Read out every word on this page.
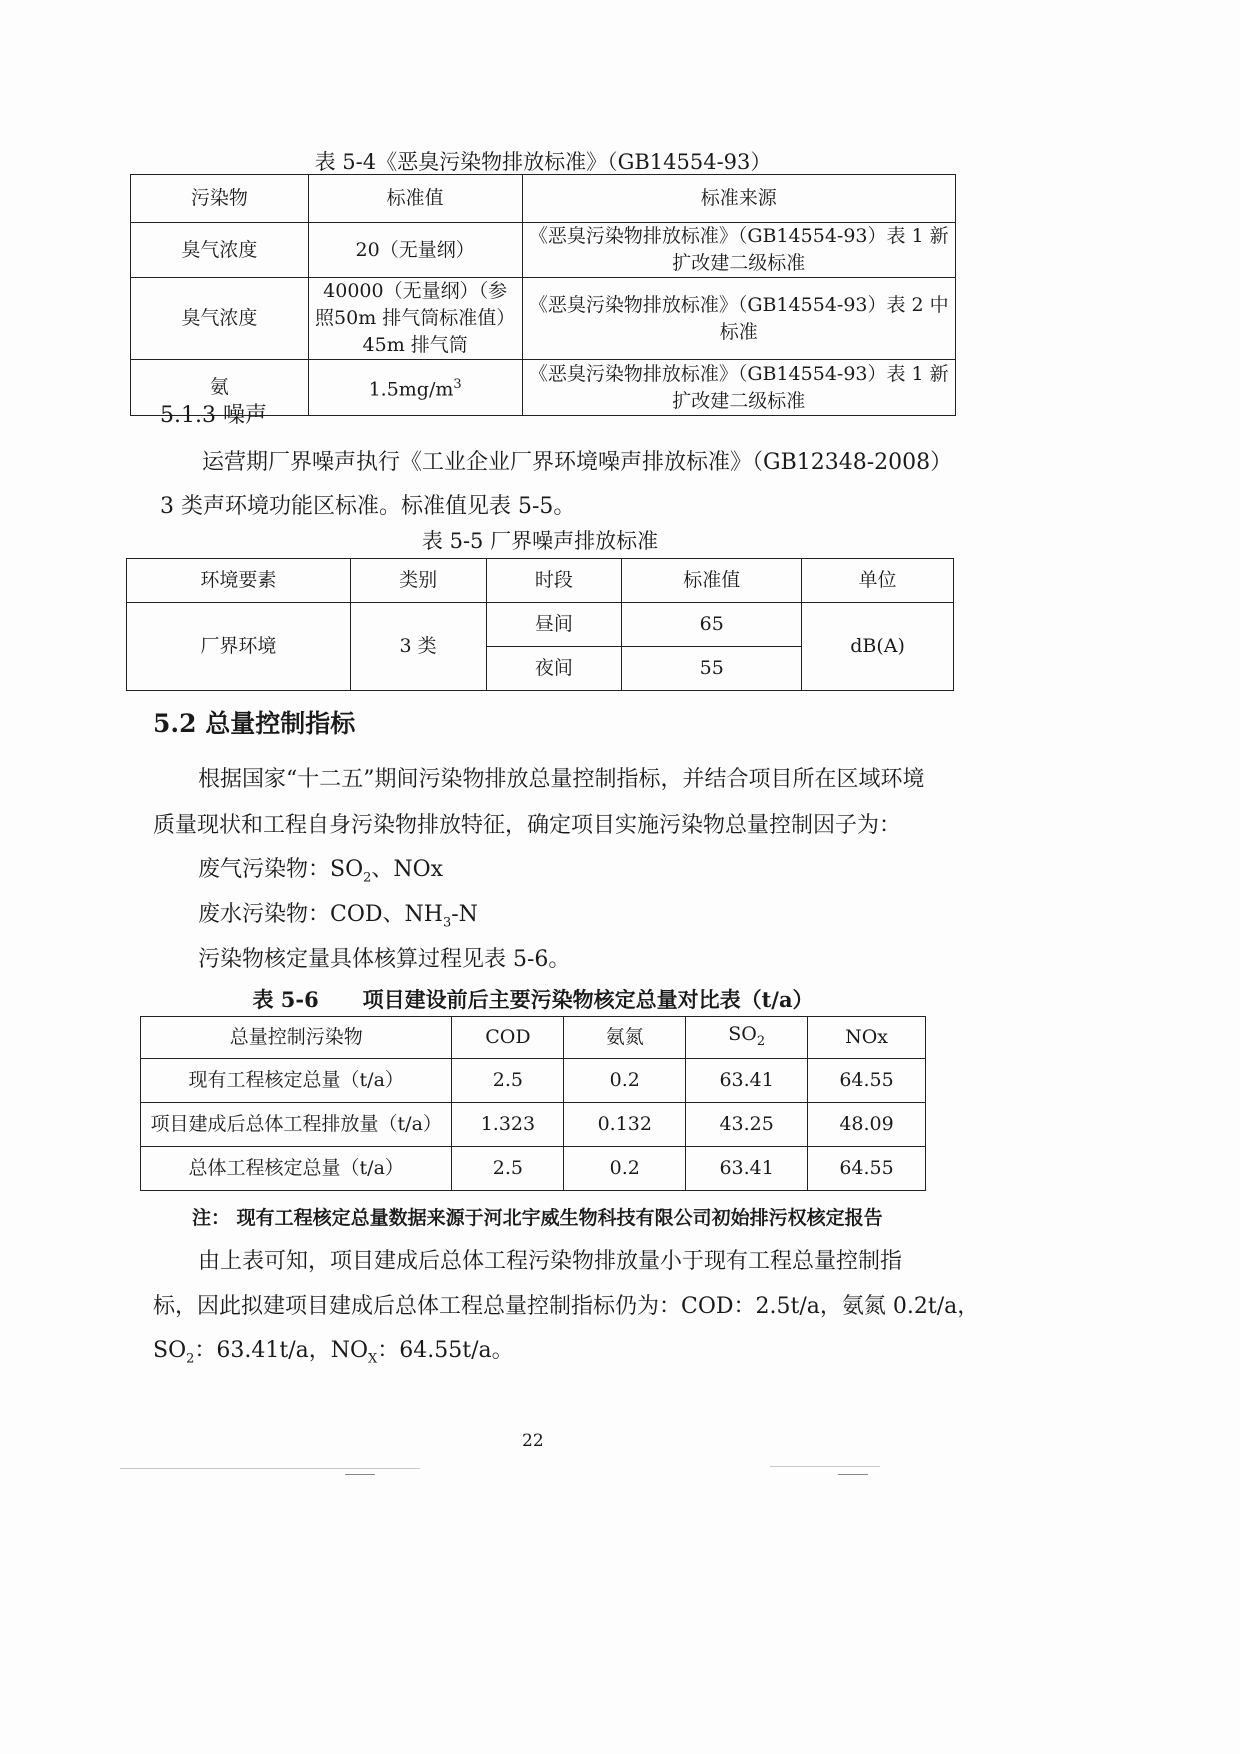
表 5-4《恶臭污染物排放标准》（GB14554-93）
污染物	标准值	标准来源
臭气浓度	20（无量纲）	《恶臭污染物排放标准》（GB14554-93）表 1 新扩改建二级标准
臭气浓度	40000（无量纲）（参照50m 排气筒标准值）45m 排气筒	《恶臭污染物排放标准》（GB14554-93）表 2 中标准
氨	$1.5mg/m^3$	《恶臭污染物排放标准》（GB14554-93）表 1 新扩改建二级标准
5.1.3 噪声
运营期厂界噪声执行《工业企业厂界环境噪声排放标准》（GB12348-2008）
3 类声环境功能区标准。标准值见表 5-5。
表 5-5 厂界噪声排放标准
环境要素	类别	时段	标准值	单位
厂界环境	3 类	昼间	65	dB(A)
		夜间	55	
5.2 总量控制指标
根据国家“十二五”期间污染物排放总量控制指标，并结合项目所在区域环境
质量现状和工程自身污染物排放特征，确定项目实施污染物总量控制因子为：
废气污染物：$SO_2$、NOx
废水污染物：COD、$NH_3-N$
污染物核定量具体核算过程见表 5-6。
表 5-6 项目建设前后主要污染物核定总量对比表（t/a）
总量控制污染物	COD	氨氮	$SO_2$	NOx
现有工程核定总量（t/a）	2.5	0.2	63.41	64.55
项目建成后总体工程排放量（t/a）	1.323	0.132	43.25	48.09
总体工程核定总量（t/a）	2.5	0.2	63.41	64.55
注： 现有工程核定总量数据来源于河北宇威生物科技有限公司初始排污权核定报告
由上表可知，项目建成后总体工程污染物排放量小于现有工程总量控制指
标，因此拟建项目建成后总体工程总量控制指标仍为：COD：2.5t/a，氨氮 0.2t/a，
$SO_2$：63.41t/a，$NO_X$：64.55t/a。
22
